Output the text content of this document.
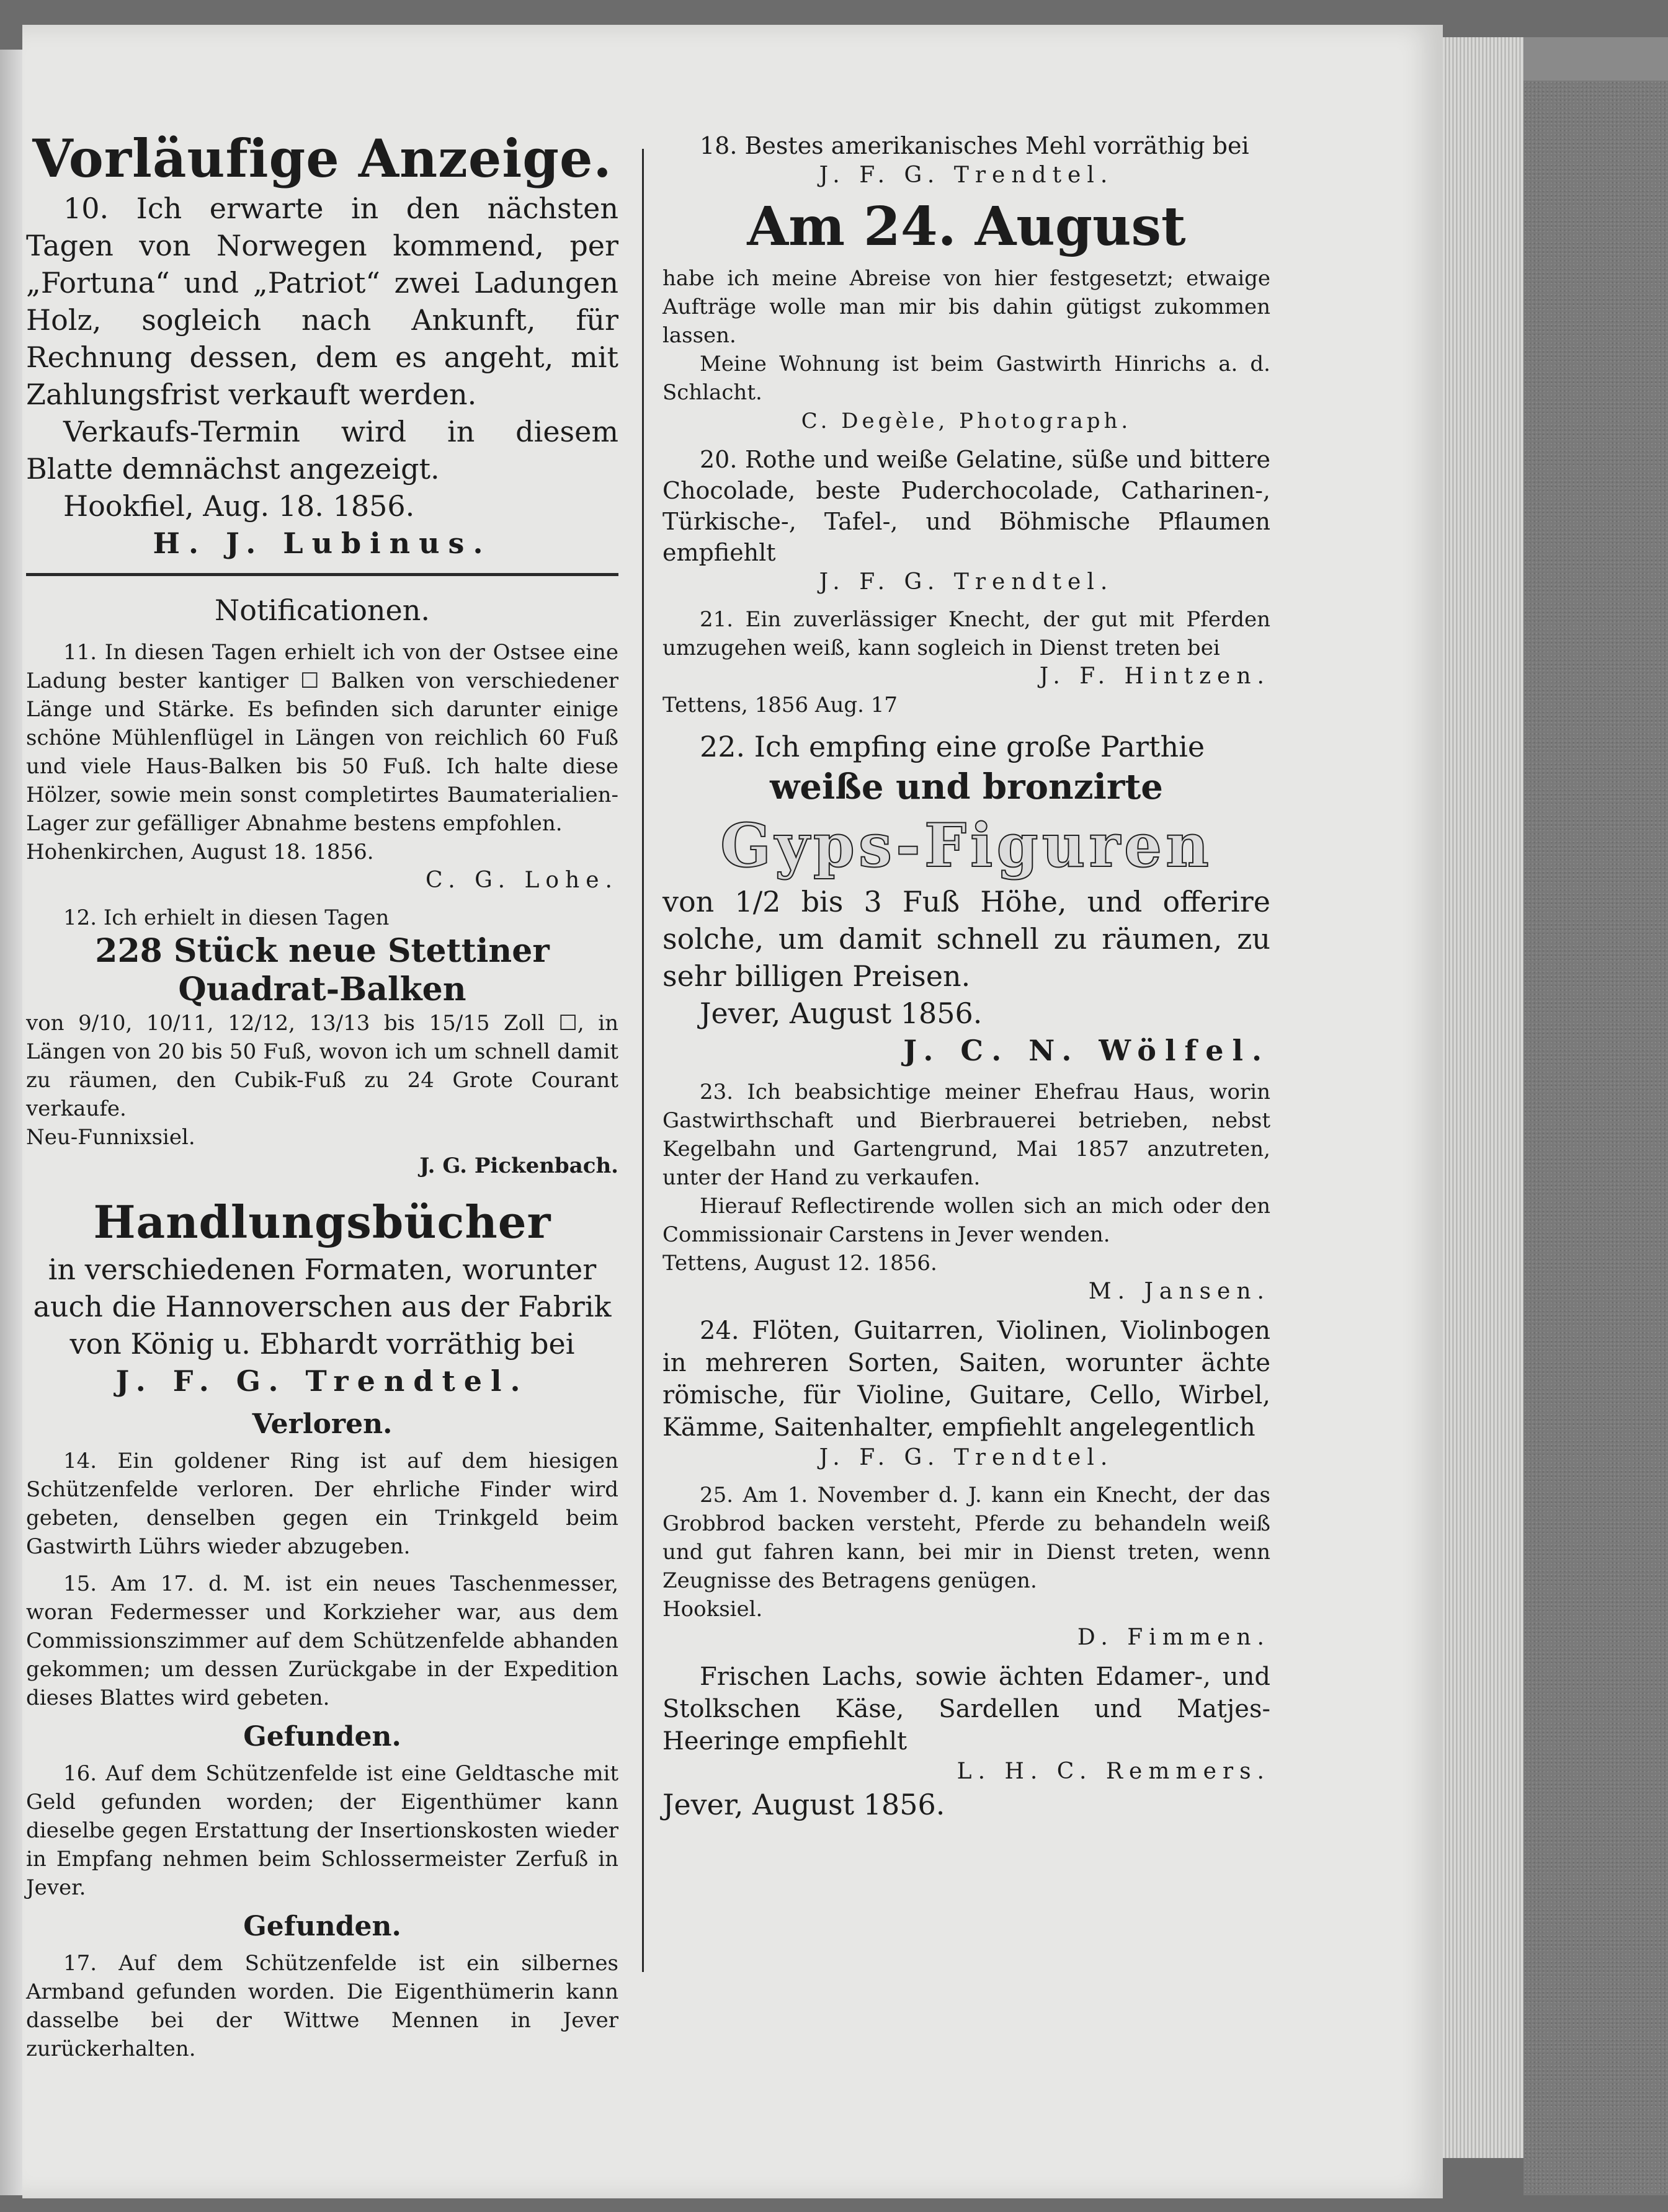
Vorläufige Anzeige.

10. Ich erwarte in den nächsten Tagen von Norwegen kommend, per „Fortuna“ und „Patriot“ zwei Ladungen Holz, sogleich nach Ankunft, für Rechnung dessen, dem es angeht, mit Zahlungsfrist verkauft werden.

Verkaufs-Termin wird in diesem Blatte demnächst angezeigt.

Hookfiel, Aug. 18. 1856.

H. J. Lubinus.

Notificationen.

11. In diesen Tagen erhielt ich von der Ostsee eine Ladung bester kantiger ☐ Balken von verschiedener Länge und Stärke. Es befinden sich darunter einige schöne Mühlenflügel in Längen von reichlich 60 Fuß und viele Haus-Balken bis 50 Fuß. Ich halte diese Hölzer, sowie mein sonst completirtes Baumaterialien-Lager zur gefälliger Abnahme bestens empfohlen.

Hohenkirchen, August 18. 1856.

C. G. Lohe.

12. Ich erhielt in diesen Tagen

228 Stück neue Stettiner Quadrat-Balken

von 9/10, 10/11, 12/12, 13/13 bis 15/15 Zoll ☐, in Längen von 20 bis 50 Fuß, wovon ich um schnell damit zu räumen, den Cubik-Fuß zu 24 Grote Courant verkaufe.

Neu-Funnixsiel.

J. G. Pickenbach.

Handlungsbücher

in verschiedenen Formaten, worunter auch die Hannoverschen aus der Fabrik von König u. Ebhardt vorräthig bei

J. F. G. Trendtel.

Verloren.

14. Ein goldener Ring ist auf dem hiesigen Schützenfelde verloren. Der ehrliche Finder wird gebeten, denselben gegen ein Trinkgeld beim Gastwirth Lührs wieder abzugeben.

15. Am 17. d. M. ist ein neues Taschenmesser, woran Federmesser und Korkzieher war, aus dem Commissionszimmer auf dem Schützenfelde abhanden gekommen; um dessen Zurückgabe in der Expedition dieses Blattes wird gebeten.

Gefunden.

16. Auf dem Schützenfelde ist eine Geldtasche mit Geld gefunden worden; der Eigenthümer kann dieselbe gegen Erstattung der Insertionskosten wieder in Empfang nehmen beim Schlossermeister Zerfuß in Jever.

Gefunden.

17. Auf dem Schützenfelde ist ein silbernes Armband gefunden worden. Die Eigenthümerin kann dasselbe bei der Wittwe Mennen in Jever zurückerhalten.

18. Bestes amerikanisches Mehl vorräthig bei

J. F. G. Trendtel.

Am 24. August

habe ich meine Abreise von hier festgesetzt; etwaige Aufträge wolle man mir bis dahin gütigst zukommen lassen.

Meine Wohnung ist beim Gastwirth Hinrichs a. d. Schlacht.

C. Degèle, Photograph.

20. Rothe und weiße Gelatine, süße und bittere Chocolade, beste Puderchocolade, Catharinen-, Türkische-, Tafel-, und Böhmische Pflaumen empfiehlt

J. F. G. Trendtel.

21. Ein zuverlässiger Knecht, der gut mit Pferden umzugehen weiß, kann sogleich in Dienst treten bei

J. F. Hintzen.

Tettens, 1856 Aug. 17

22. Ich empfing eine große Parthie

weiße und bronzirte

Gyps-Figuren

von 1/2 bis 3 Fuß Höhe, und offerire solche, um damit schnell zu räumen, zu sehr billigen Preisen.

Jever, August 1856.

J. C. N. Wölfel.

23. Ich beabsichtige meiner Ehefrau Haus, worin Gastwirthschaft und Bierbrauerei betrieben, nebst Kegelbahn und Gartengrund, Mai 1857 anzutreten, unter der Hand zu verkaufen.

Hierauf Reflectirende wollen sich an mich oder den Commissionair Carstens in Jever wenden.

Tettens, August 12. 1856.

M. Jansen.

24. Flöten, Guitarren, Violinen, Violinbogen in mehreren Sorten, Saiten, worunter ächte römische, für Violine, Guitare, Cello, Wirbel, Kämme, Saitenhalter, empfiehlt angelegentlich

J. F. G. Trendtel.

25. Am 1. November d. J. kann ein Knecht, der das Grobbrod backen versteht, Pferde zu behandeln weiß und gut fahren kann, bei mir in Dienst treten, wenn Zeugnisse des Betragens genügen.

Hooksiel.

D. Fimmen.

Frischen Lachs, sowie ächten Edamer-, und Stolkschen Käse, Sardellen und Matjes-Heeringe empfiehlt

L. H. C. Remmers.

Jever, August 1856.
